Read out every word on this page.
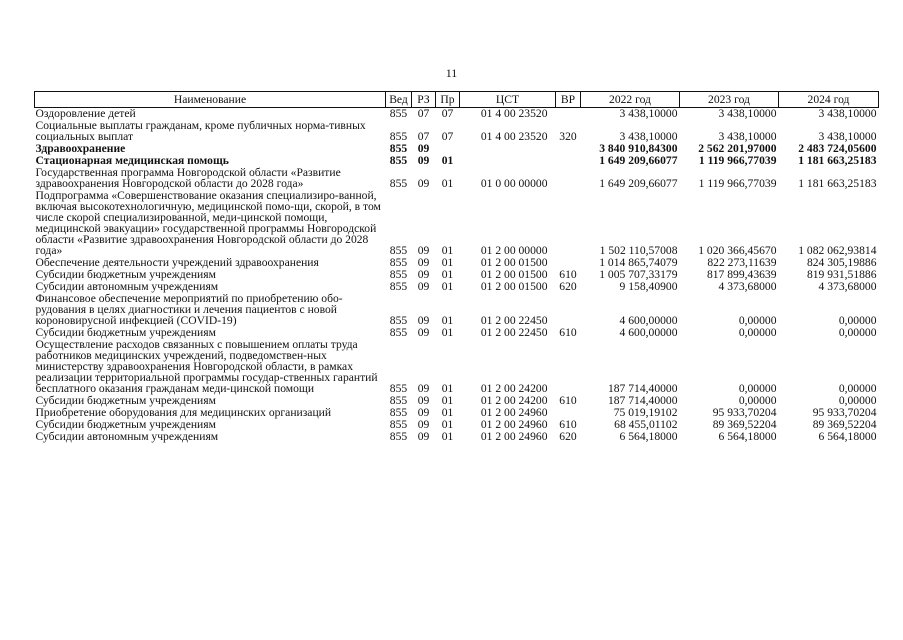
11
Наименование	Вед	РЗ	Пр	ЦСТ	ВР	2022 год	2023 год	2024 год
Оздоровление детей	855	07	07	01 4 00 23520		3 438,10000	3 438,10000	3 438,10000
Социальные выплаты гражданам, кроме публичных норма-тивных социальных выплат	855	07	07	01 4 00 23520	320	3 438,10000	3 438,10000	3 438,10000
Здравоохранение	855	09				3 840 910,84300	2 562 201,97000	2 483 724,05600
Стационарная медицинская помощь	855	09	01			1 649 209,66077	1 119 966,77039	1 181 663,25183
Государственная программа Новгородской области «Развитие здравоохранения Новгородской области до 2028 года»	855	09	01	01 0 00 00000		1 649 209,66077	1 119 966,77039	1 181 663,25183
Подпрограмма «Совершенствование оказания специализиро-ванной, включая высокотехнологичную, медицинской помо-щи, скорой, в том числе скорой специализированной, меди-цинской помощи, медицинской эвакуации» государственной программы Новгородской области «Развитие здравоохранения Новгородской области до 2028 года»	855	09	01	01 2 00 00000		1 502 110,57008	1 020 366,45670	1 082 062,93814
Обеспечение деятельности учреждений здравоохранения	855	09	01	01 2 00 01500		1 014 865,74079	822 273,11639	824 305,19886
Субсидии бюджетным учреждениям	855	09	01	01 2 00 01500	610	1 005 707,33179	817 899,43639	819 931,51886
Субсидии автономным учреждениям	855	09	01	01 2 00 01500	620	9 158,40900	4 373,68000	4 373,68000
Финансовое обеспечение мероприятий по приобретению обо-рудования в целях диагностики и лечения пациентов с новой короновирусной инфекцией (COVID-19)	855	09	01	01 2 00 22450		4 600,00000	0,00000	0,00000
Субсидии бюджетным учреждениям	855	09	01	01 2 00 22450	610	4 600,00000	0,00000	0,00000
Осуществление расходов связанных с повышением оплаты труда работников медицинских учреждений, подведомствен-ных министерству здравоохранения Новгородской области, в рамках реализации территориальной программы государ-ственных гарантий бесплатного оказания гражданам меди-цинской помощи	855	09	01	01 2 00 24200		187 714,40000	0,00000	0,00000
Субсидии бюджетным учреждениям	855	09	01	01 2 00 24200	610	187 714,40000	0,00000	0,00000
Приобретение оборудования для медицинских организаций	855	09	01	01 2 00 24960		75 019,19102	95 933,70204	95 933,70204
Субсидии бюджетным учреждениям	855	09	01	01 2 00 24960	610	68 455,01102	89 369,52204	89 369,52204
Субсидии автономным учреждениям	855	09	01	01 2 00 24960	620	6 564,18000	6 564,18000	6 564,18000
